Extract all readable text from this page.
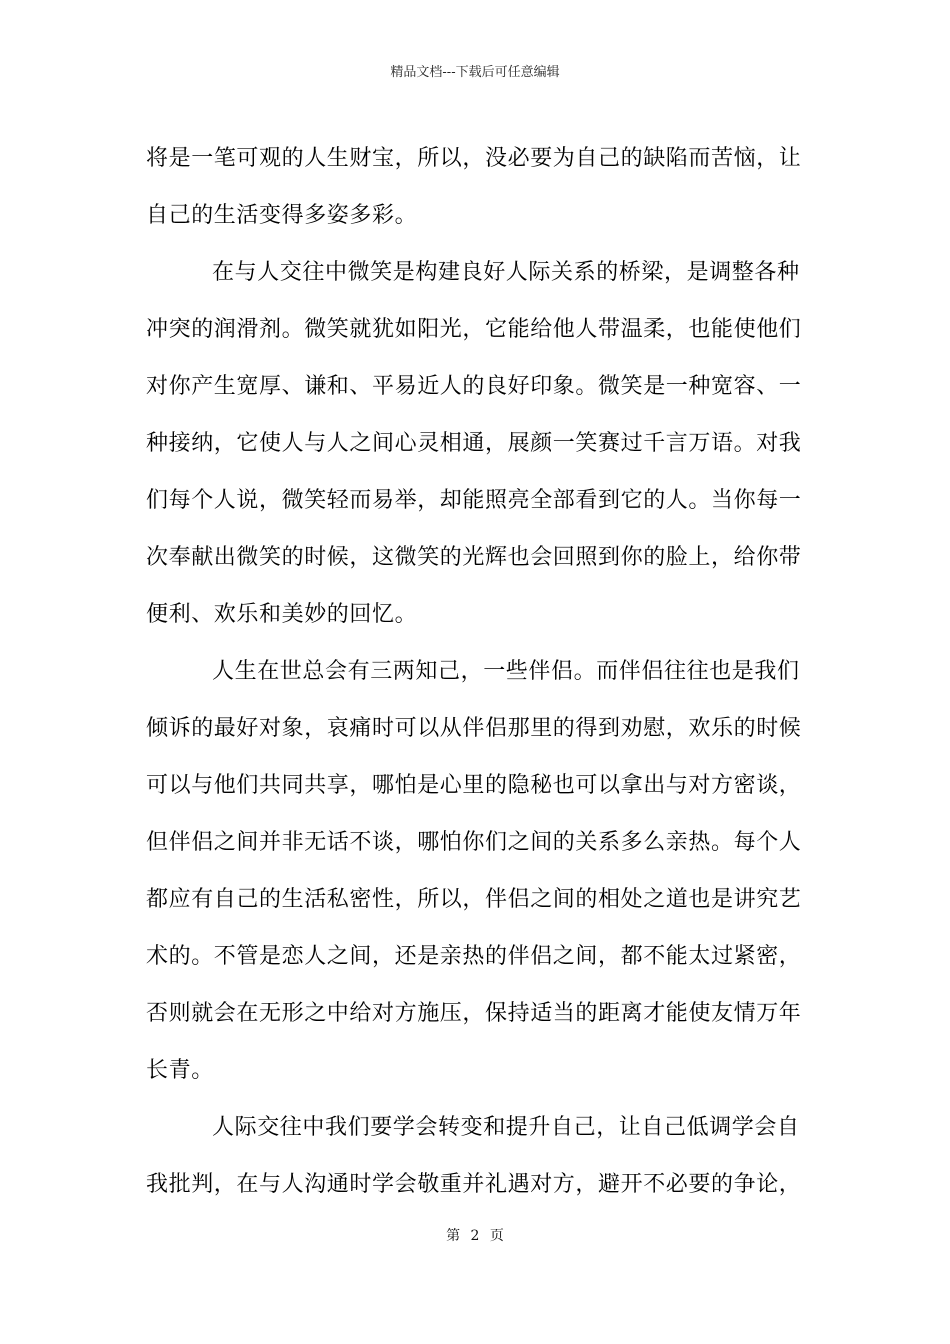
精品文档---下载后可任意编辑
将是一笔可观的人生财宝，所以，没必要为自己的缺陷而苦恼，让
自己的生活变得多姿多彩。
在与人交往中微笑是构建良好人际关系的桥梁，是调整各种
冲突的润滑剂。微笑就犹如阳光，它能给他人带温柔，也能使他们
对你产生宽厚、谦和、平易近人的良好印象。微笑是一种宽容、一
种接纳，它使人与人之间心灵相通，展颜一笑赛过千言万语。对我
们每个人说，微笑轻而易举，却能照亮全部看到它的人。当你每一
次奉献出微笑的时候，这微笑的光辉也会回照到你的脸上，给你带
便利、欢乐和美妙的回忆。
人生在世总会有三两知己，一些伴侣。而伴侣往往也是我们
倾诉的最好对象，哀痛时可以从伴侣那里的得到劝慰，欢乐的时候
可以与他们共同共享，哪怕是心里的隐秘也可以拿出与对方密谈，
但伴侣之间并非无话不谈，哪怕你们之间的关系多么亲热。每个人
都应有自己的生活私密性，所以，伴侣之间的相处之道也是讲究艺
术的。不管是恋人之间，还是亲热的伴侣之间，都不能太过紧密，
否则就会在无形之中给对方施压，保持适当的距离才能使友情万年
长青。
人际交往中我们要学会转变和提升自己，让自己低调学会自
我批判，在与人沟通时学会敬重并礼遇对方，避开不必要的争论，
第 2 页
